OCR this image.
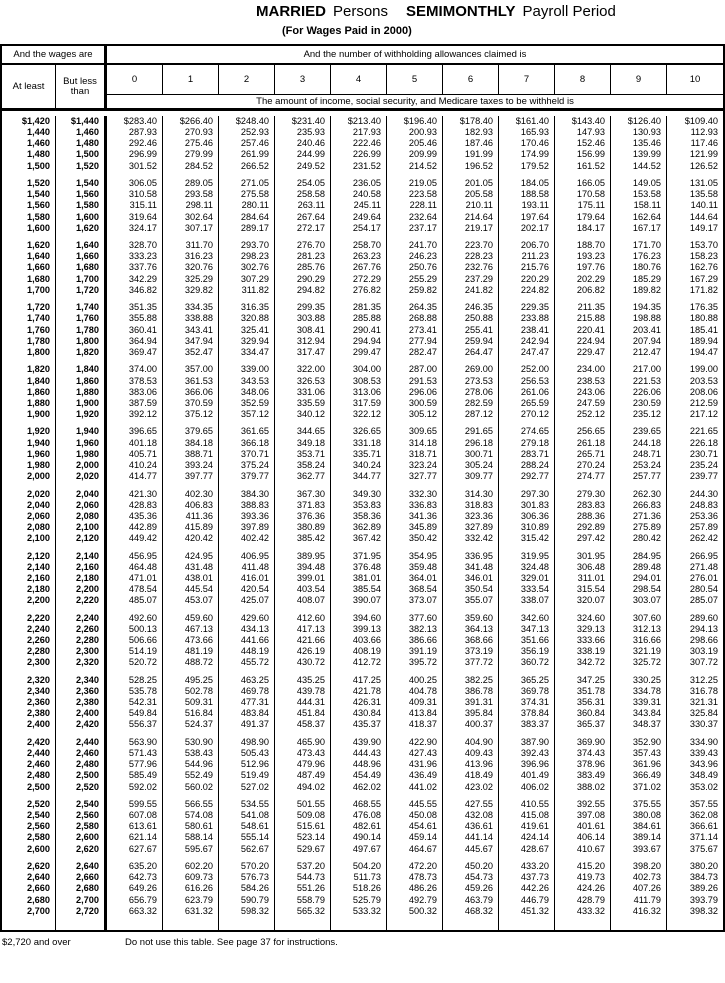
MARRIED Persons SEMIMONTHLY Payroll Period
(For Wages Paid in 2000)
And the wages are	And the number of withholding allowances claimed is
At least	But less than
0	1	2	3	4	5	6	7	8	9	10
The amount of income, social security, and Medicare taxes to be withheld is
$1,420	$1,440	$283.40	$266.40	$248.40	$231.40	$213.40	$196.40	$178.40	$161.40	$143.40	$126.40	$109.40
1,440	1,460	287.93	270.93	252.93	235.93	217.93	200.93	182.93	165.93	147.93	130.93	112.93
1,460	1,480	292.46	275.46	257.46	240.46	222.46	205.46	187.46	170.46	152.46	135.46	117.46
1,480	1,500	296.99	279.99	261.99	244.99	226.99	209.99	191.99	174.99	156.99	139.99	121.99
1,500	1,520	301.52	284.52	266.52	249.52	231.52	214.52	196.52	179.52	161.52	144.52	126.52
1,520	1,540	306.05	289.05	271.05	254.05	236.05	219.05	201.05	184.05	166.05	149.05	131.05
1,540	1,560	310.58	293.58	275.58	258.58	240.58	223.58	205.58	188.58	170.58	153.58	135.58
1,560	1,580	315.11	298.11	280.11	263.11	245.11	228.11	210.11	193.11	175.11	158.11	140.11
1,580	1,600	319.64	302.64	284.64	267.64	249.64	232.64	214.64	197.64	179.64	162.64	144.64
1,600	1,620	324.17	307.17	289.17	272.17	254.17	237.17	219.17	202.17	184.17	167.17	149.17
1,620	1,640	328.70	311.70	293.70	276.70	258.70	241.70	223.70	206.70	188.70	171.70	153.70
1,640	1,660	333.23	316.23	298.23	281.23	263.23	246.23	228.23	211.23	193.23	176.23	158.23
1,660	1,680	337.76	320.76	302.76	285.76	267.76	250.76	232.76	215.76	197.76	180.76	162.76
1,680	1,700	342.29	325.29	307.29	290.29	272.29	255.29	237.29	220.29	202.29	185.29	167.29
1,700	1,720	346.82	329.82	311.82	294.82	276.82	259.82	241.82	224.82	206.82	189.82	171.82
1,720	1,740	351.35	334.35	316.35	299.35	281.35	264.35	246.35	229.35	211.35	194.35	176.35
1,740	1,760	355.88	338.88	320.88	303.88	285.88	268.88	250.88	233.88	215.88	198.88	180.88
1,760	1,780	360.41	343.41	325.41	308.41	290.41	273.41	255.41	238.41	220.41	203.41	185.41
1,780	1,800	364.94	347.94	329.94	312.94	294.94	277.94	259.94	242.94	224.94	207.94	189.94
1,800	1,820	369.47	352.47	334.47	317.47	299.47	282.47	264.47	247.47	229.47	212.47	194.47
1,820	1,840	374.00	357.00	339.00	322.00	304.00	287.00	269.00	252.00	234.00	217.00	199.00
1,840	1,860	378.53	361.53	343.53	326.53	308.53	291.53	273.53	256.53	238.53	221.53	203.53
1,860	1,880	383.06	366.06	348.06	331.06	313.06	296.06	278.06	261.06	243.06	226.06	208.06
1,880	1,900	387.59	370.59	352.59	335.59	317.59	300.59	282.59	265.59	247.59	230.59	212.59
1,900	1,920	392.12	375.12	357.12	340.12	322.12	305.12	287.12	270.12	252.12	235.12	217.12
1,920	1,940	396.65	379.65	361.65	344.65	326.65	309.65	291.65	274.65	256.65	239.65	221.65
1,940	1,960	401.18	384.18	366.18	349.18	331.18	314.18	296.18	279.18	261.18	244.18	226.18
1,960	1,980	405.71	388.71	370.71	353.71	335.71	318.71	300.71	283.71	265.71	248.71	230.71
1,980	2,000	410.24	393.24	375.24	358.24	340.24	323.24	305.24	288.24	270.24	253.24	235.24
2,000	2,020	414.77	397.77	379.77	362.77	344.77	327.77	309.77	292.77	274.77	257.77	239.77
2,020	2,040	421.30	402.30	384.30	367.30	349.30	332.30	314.30	297.30	279.30	262.30	244.30
2,040	2,060	428.83	406.83	388.83	371.83	353.83	336.83	318.83	301.83	283.83	266.83	248.83
2,060	2,080	435.36	411.36	393.36	376.36	358.36	341.36	323.36	306.36	288.36	271.36	253.36
2,080	2,100	442.89	415.89	397.89	380.89	362.89	345.89	327.89	310.89	292.89	275.89	257.89
2,100	2,120	449.42	420.42	402.42	385.42	367.42	350.42	332.42	315.42	297.42	280.42	262.42
2,120	2,140	456.95	424.95	406.95	389.95	371.95	354.95	336.95	319.95	301.95	284.95	266.95
2,140	2,160	464.48	431.48	411.48	394.48	376.48	359.48	341.48	324.48	306.48	289.48	271.48
2,160	2,180	471.01	438.01	416.01	399.01	381.01	364.01	346.01	329.01	311.01	294.01	276.01
2,180	2,200	478.54	445.54	420.54	403.54	385.54	368.54	350.54	333.54	315.54	298.54	280.54
2,200	2,220	485.07	453.07	425.07	408.07	390.07	373.07	355.07	338.07	320.07	303.07	285.07
2,220	2,240	492.60	459.60	429.60	412.60	394.60	377.60	359.60	342.60	324.60	307.60	289.60
2,240	2,260	500.13	467.13	434.13	417.13	399.13	382.13	364.13	347.13	329.13	312.13	294.13
2,260	2,280	506.66	473.66	441.66	421.66	403.66	386.66	368.66	351.66	333.66	316.66	298.66
2,280	2,300	514.19	481.19	448.19	426.19	408.19	391.19	373.19	356.19	338.19	321.19	303.19
2,300	2,320	520.72	488.72	455.72	430.72	412.72	395.72	377.72	360.72	342.72	325.72	307.72
2,320	2,340	528.25	495.25	463.25	435.25	417.25	400.25	382.25	365.25	347.25	330.25	312.25
2,340	2,360	535.78	502.78	469.78	439.78	421.78	404.78	386.78	369.78	351.78	334.78	316.78
2,360	2,380	542.31	509.31	477.31	444.31	426.31	409.31	391.31	374.31	356.31	339.31	321.31
2,380	2,400	549.84	516.84	483.84	451.84	430.84	413.84	395.84	378.84	360.84	343.84	325.84
2,400	2,420	556.37	524.37	491.37	458.37	435.37	418.37	400.37	383.37	365.37	348.37	330.37
2,420	2,440	563.90	530.90	498.90	465.90	439.90	422.90	404.90	387.90	369.90	352.90	334.90
2,440	2,460	571.43	538.43	505.43	473.43	444.43	427.43	409.43	392.43	374.43	357.43	339.43
2,460	2,480	577.96	544.96	512.96	479.96	448.96	431.96	413.96	396.96	378.96	361.96	343.96
2,480	2,500	585.49	552.49	519.49	487.49	454.49	436.49	418.49	401.49	383.49	366.49	348.49
2,500	2,520	592.02	560.02	527.02	494.02	462.02	441.02	423.02	406.02	388.02	371.02	353.02
2,520	2,540	599.55	566.55	534.55	501.55	468.55	445.55	427.55	410.55	392.55	375.55	357.55
2,540	2,560	607.08	574.08	541.08	509.08	476.08	450.08	432.08	415.08	397.08	380.08	362.08
2,560	2,580	613.61	580.61	548.61	515.61	482.61	454.61	436.61	419.61	401.61	384.61	366.61
2,580	2,600	621.14	588.14	555.14	523.14	490.14	459.14	441.14	424.14	406.14	389.14	371.14
2,600	2,620	627.67	595.67	562.67	529.67	497.67	464.67	445.67	428.67	410.67	393.67	375.67
2,620	2,640	635.20	602.20	570.20	537.20	504.20	472.20	450.20	433.20	415.20	398.20	380.20
2,640	2,660	642.73	609.73	576.73	544.73	511.73	478.73	454.73	437.73	419.73	402.73	384.73
2,660	2,680	649.26	616.26	584.26	551.26	518.26	486.26	459.26	442.26	424.26	407.26	389.26
2,680	2,700	656.79	623.79	590.79	558.79	525.79	492.79	463.79	446.79	428.79	411.79	393.79
2,700	2,720	663.32	631.32	598.32	565.32	533.32	500.32	468.32	451.32	433.32	416.32	398.32
$2,720 and over	Do not use this table. See page 37 for instructions.
